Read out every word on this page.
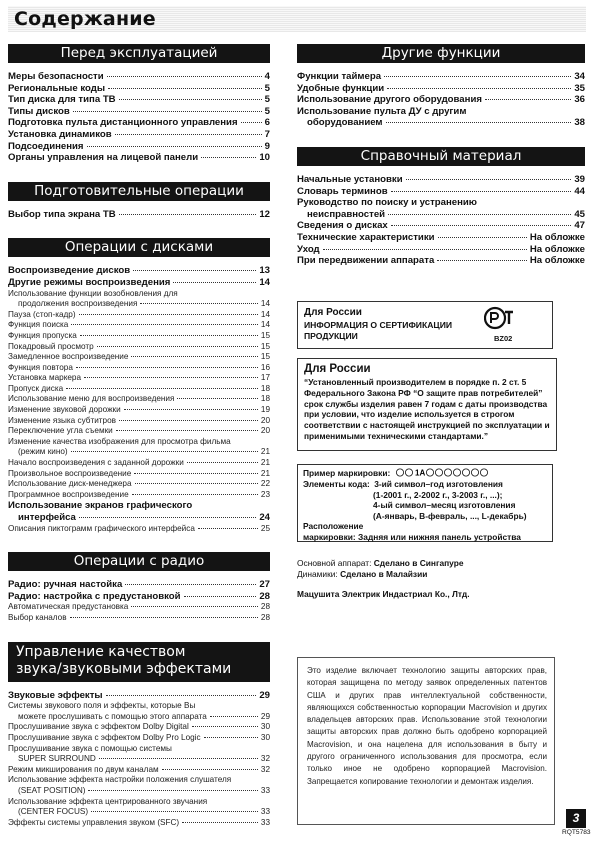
Содержание
Перед эксплуатацией
Меры безопасности	4
Региональные коды	5
Тип диска для типа ТВ	5
Типы дисков	5
Подготовка пульта дистанционного управления	6
Установка динамиков	7
Подсоединения	9
Органы управления на лицевой панели	10
Подготовительные операции
Выбор типа экрана ТВ	12
Операции с дисками
Воспроизведение дисков	13
Другие режимы воспроизведения	14
Использование функции возобновления для
продолжения воспроизведения	14
Пауза (стоп-кадр)	14
Функция поиска	14
Функция пропуска	15
Покадровый просмотр	15
Замедленное воспроизведение	15
Функция повтора	16
Установка маркера	17
Пропуск диска	18
Использование меню для воспроизведения	18
Изменение звуковой дорожки	19
Изменение языка субтитров	20
Переключение угла съемки	20
Изменение качества изображения для просмотра фильма
(режим кино)	21
Начало воспроизведения с заданной дорожки	21
Произвольное воспроизведение	21
Использование диск-менеджера	22
Программное воспроизведение	23
Использование экранов графического
интерфейса	24
Описания пиктограмм графического интерфейса	25
Операции с радио
Радио: ручная настойка	27
Радио: настройка с предустановкой	28
Автоматическая предустановка	28
Выбор каналов	28
Управление качеством
звука/звуковыми эффектами
Звуковые эффекты	29
Системы звукового поля и эффекты, которые Вы
можете прослушивать с помощью этого аппарата	29
Прослушивание звука с эффектом Dolby Digital	30
Прослушивание звука с эффектом Dolby Pro Logic	30
Прослушивание звука с помощью системы
SUPER SURROUND	32
Режим микширования по двум каналам	32
Использование эффекта настройки положения слушателя
(SEAT POSITION)	33
Использование эффекта центрированного звучания
(CENTER FOCUS)	33
Эффекты системы управления звуком (SFC)	33
Другие функции
Функции таймера	34
Удобные функции	35
Использование другого оборудования	36
Использование пульта ДУ с другим
оборудованием	38
Справочный материал
Начальные установки	39
Словарь терминов	44
Руководство по поиску и устранению
неисправностей	45
Сведения о дисках	47
Технические характеристики	На обложке
Уход	На обложке
При передвижении аппарата	На обложке
Для России
ИНФОРМАЦИЯ О СЕРТИФИКАЦИИ
ПРОДУКЦИИ	BZ02
Для России
“Установленный производителем в порядке п. 2 ст. 5 Федерального Закона РФ “О защите прав потребителей” срок службы изделия равен 7 годам с даты производства при условии, что изделие используется в строгом соответствии с настоящей инструкцией по эксплуатации и применимыми техническими стандартами.”
Пример маркировки:	1A
Элементы кода: 3-ий символ–год изготовления
(1-2001 г., 2-2002 г., 3-2003 г., ...);
4-ый символ–месяц изготовления
(A-январь, B-февраль, ..., L-декабрь)
Расположение
маркировки: Задняя или нижняя панель устройства
Основной аппарат: Сделано в Сингапуре
Динамики: Сделано в Малайзии
Мацушита Электрик Индастриал Ко., Лтд.
Это изделие включает технологию защиты авторских прав, которая защищена по методу заявок определенных патентов США и других прав интеллектуальной собственности, являющихся собственностью корпорации Macrovision и других владельцев авторских прав. Использование этой технологии защиты авторских прав должно быть одобрено корпорацией Macrovision, и она нацелена для использования в быту и другого ограниченного использования для просмотра, если только иное не одобрено корпорацией Macrovision. Запрещается копирование технологии и демонтаж изделия.
3
RQT5783
